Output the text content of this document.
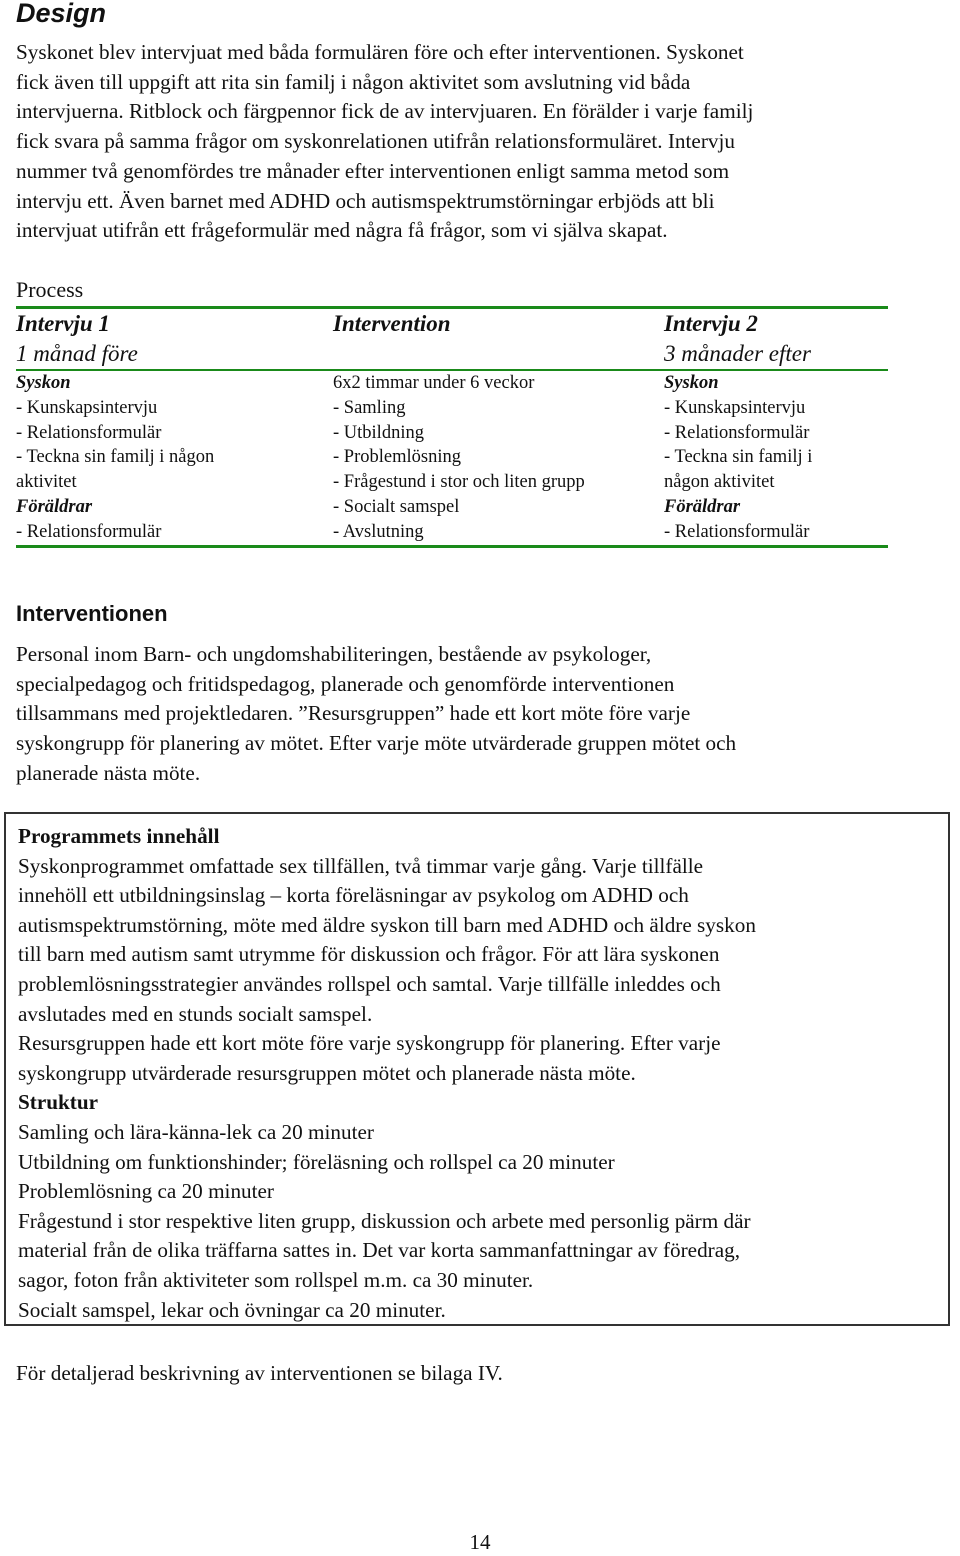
Design
Syskonet blev intervjuat med båda formulären före och efter interventionen. Syskonet
fick även till uppgift att rita sin familj i någon aktivitet som avslutning vid båda
intervjuerna. Ritblock och färgpennor fick de av intervjuaren. En förälder i varje familj
fick svara på samma frågor om syskonrelationen utifrån relationsformuläret. Intervju
nummer två genomfördes tre månader efter interventionen enligt samma metod som
intervju ett. Även barnet med ADHD och autismspektrumstörningar erbjöds att bli
intervjuat utifrån ett frågeformulär med några få frågor, som vi själva skapat.
Process
Intervju 1
1 månad före
Intervention	Intervju 2
3 månader efter
Syskon
- Kunskapsintervju
- Relationsformulär
- Teckna sin familj i någon
aktivitet
Föräldrar
- Relationsformulär
6x2 timmar under 6 veckor
- Samling
- Utbildning
- Problemlösning
- Frågestund i stor och liten grupp
- Socialt samspel
- Avslutning
Syskon
- Kunskapsintervju
- Relationsformulär
- Teckna sin familj i
någon aktivitet
Föräldrar
- Relationsformulär
Interventionen
Personal inom Barn- och ungdomshabiliteringen, bestående av psykologer,
specialpedagog och fritidspedagog, planerade och genomförde interventionen
tillsammans med projektledaren. ”Resursgruppen” hade ett kort möte före varje
syskongrupp för planering av mötet. Efter varje möte utvärderade gruppen mötet och
planerade nästa möte.
Programmets innehåll
Syskonprogrammet omfattade sex tillfällen, två timmar varje gång. Varje tillfälle
innehöll ett utbildningsinslag – korta föreläsningar av psykolog om ADHD och
autismspektrumstörning, möte med äldre syskon till barn med ADHD och äldre syskon
till barn med autism samt utrymme för diskussion och frågor. För att lära syskonen
problemlösningsstrategier användes rollspel och samtal. Varje tillfälle inleddes och
avslutades med en stunds socialt samspel.
Resursgruppen hade ett kort möte före varje syskongrupp för planering. Efter varje
syskongrupp utvärderade resursgruppen mötet och planerade nästa möte.
Struktur
Samling och lära-känna-lek ca 20 minuter
Utbildning om funktionshinder; föreläsning och rollspel ca 20 minuter
Problemlösning ca 20 minuter
Frågestund i stor respektive liten grupp, diskussion och arbete med personlig pärm där
material från de olika träffarna sattes in. Det var korta sammanfattningar av föredrag,
sagor, foton från aktiviteter som rollspel m.m. ca 30 minuter.
Socialt samspel, lekar och övningar ca 20 minuter.
För detaljerad beskrivning av interventionen se bilaga IV.
14
